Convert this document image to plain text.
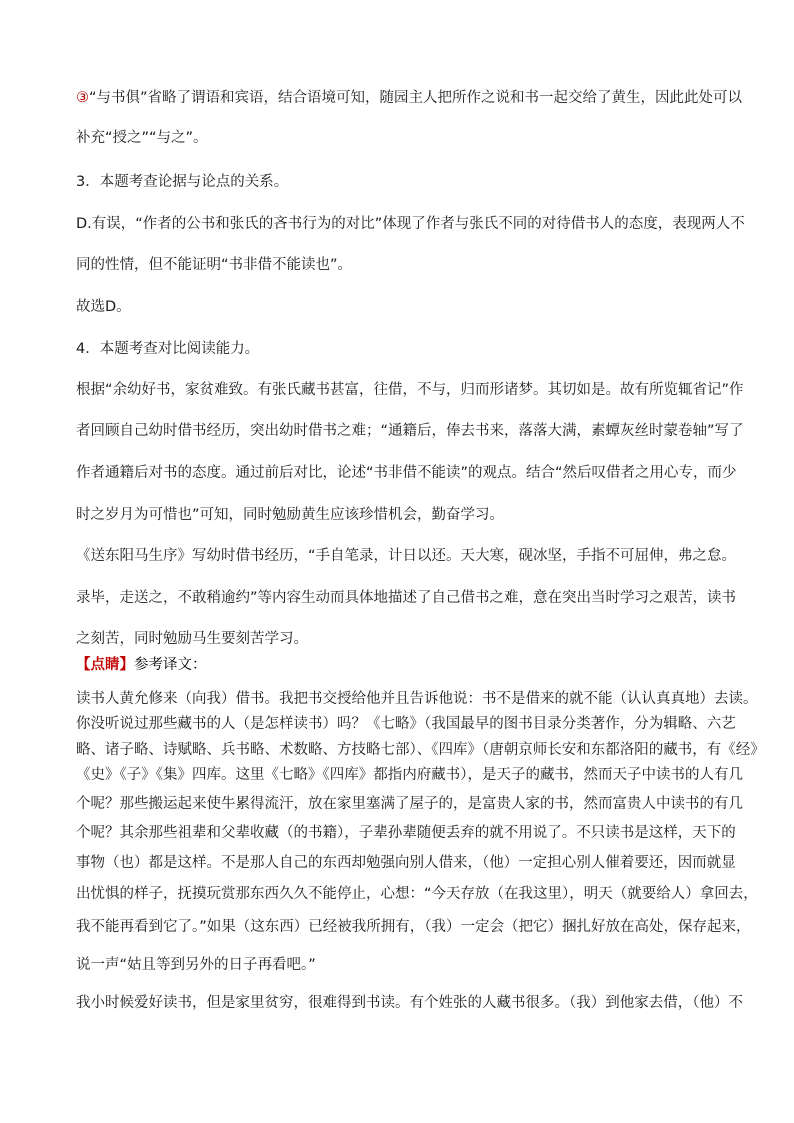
③“与书俱”省略了谓语和宾语，结合语境可知，随园主人把所作之说和书一起交给了黄生，因此此处可以
补充“授之”“与之”。
3．本题考查论据与论点的关系。
D.有误，“作者的公书和张氏的吝书行为的对比”体现了作者与张氏不同的对待借书人的态度，表现两人不
同的性情，但不能证明“书非借不能读也”。
故选D。
4．本题考查对比阅读能力。
根据“余幼好书，家贫难致。有张氏藏书甚富，往借，不与，归而形诸梦。其切如是。故有所览辄省记”作
者回顾自己幼时借书经历，突出幼时借书之难；“通籍后，俸去书来，落落大满，素蟫灰丝时蒙卷轴”写了
作者通籍后对书的态度。通过前后对比，论述“书非借不能读”的观点。结合“然后叹借者之用心专，而少
时之岁月为可惜也”可知，同时勉励黄生应该珍惜机会，勤奋学习。
《送东阳马生序》写幼时借书经历，“手自笔录，计日以还。天大寒，砚冰坚，手指不可屈伸，弗之怠。
录毕，走送之，不敢稍逾约”等内容生动而具体地描述了自己借书之难，意在突出当时学习之艰苦，读书
之刻苦，同时勉励马生要刻苦学习。
读书人黄允修来（向我）借书。我把书交授给他并且告诉他说：书不是借来的就不能（认认真真地）去读。
你没听说过那些藏书的人（是怎样读书）吗？《七略》（我国最早的图书目录分类著作，分为辑略、六艺
略、诸子略、诗赋略、兵书略、术数略、方技略七部）、《四库》（唐朝京师长安和东都洛阳的藏书，有《经》
《史》《子》《集》四库。这里《七略》《四库》都指内府藏书），是天子的藏书，然而天子中读书的人有几
个呢？那些搬运起来使牛累得流汗，放在家里塞满了屋子的，是富贵人家的书，然而富贵人中读书的有几
个呢？其余那些祖辈和父辈收藏（的书籍），子辈孙辈随便丢弃的就不用说了。不只读书是这样，天下的
事物（也）都是这样。不是那人自己的东西却勉强向别人借来，（他）一定担心别人催着要还，因而就显
出忧惧的样子，抚摸玩赏那东西久久不能停止，心想：“今天存放（在我这里），明天（就要给人）拿回去，
我不能再看到它了。”如果（这东西）已经被我所拥有，（我）一定会（把它）捆扎好放在高处，保存起来，
说一声“姑且等到另外的日子再看吧。”
我小时候爱好读书，但是家里贫穷，很难得到书读。有个姓张的人藏书很多。（我）到他家去借，（他）不
【点睛】参考译文：
